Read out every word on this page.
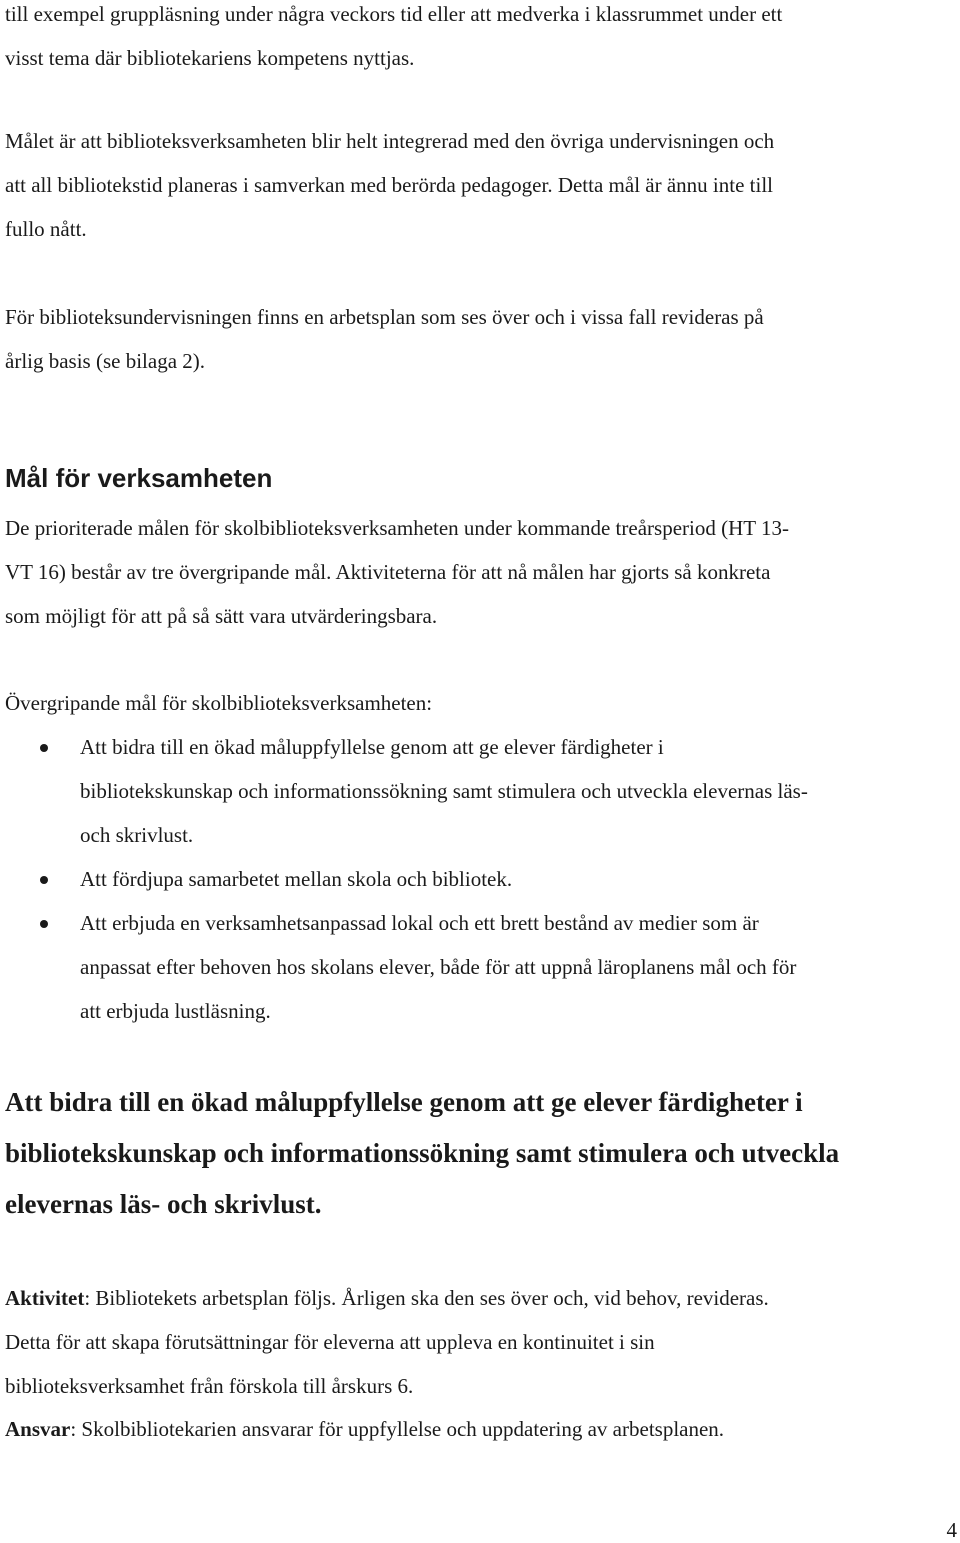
till exempel gruppläsning under några veckors tid eller att medverka i klassrummet under ett
visst tema där bibliotekariens kompetens nyttjas.
Målet är att biblioteksverksamheten blir helt integrerad med den övriga undervisningen och
att all bibliotekstid planeras i samverkan med berörda pedagoger. Detta mål är ännu inte till
fullo nått.
För biblioteksundervisningen finns en arbetsplan som ses över och i vissa fall revideras på
årlig basis (se bilaga 2).
Mål för verksamheten
De prioriterade målen för skolbiblioteksverksamheten under kommande treårsperiod (HT 13-
VT 16) består av tre övergripande mål. Aktiviteterna för att nå målen har gjorts så konkreta
som möjligt för att på så sätt vara utvärderingsbara.
Övergripande mål för skolbiblioteksverksamheten:
Att bidra till en ökad måluppfyllelse genom att ge elever färdigheter i
bibliotekskunskap och informationssökning samt stimulera och utveckla elevernas läs-
och skrivlust.
Att fördjupa samarbetet mellan skola och bibliotek.
Att erbjuda en verksamhetsanpassad lokal och ett brett bestånd av medier som är
anpassat efter behoven hos skolans elever, både för att uppnå läroplanens mål och för
att erbjuda lustläsning.
Att bidra till en ökad måluppfyllelse genom att ge elever färdigheter i
bibliotekskunskap och informationssökning samt stimulera och utveckla
elevernas läs- och skrivlust.
Aktivitet: Bibliotekets arbetsplan följs. Årligen ska den ses över och, vid behov, revideras.
Detta för att skapa förutsättningar för eleverna att uppleva en kontinuitet i sin
biblioteksverksamhet från förskola till årskurs 6.
Ansvar: Skolbibliotekarien ansvarar för uppfyllelse och uppdatering av arbetsplanen.
4
